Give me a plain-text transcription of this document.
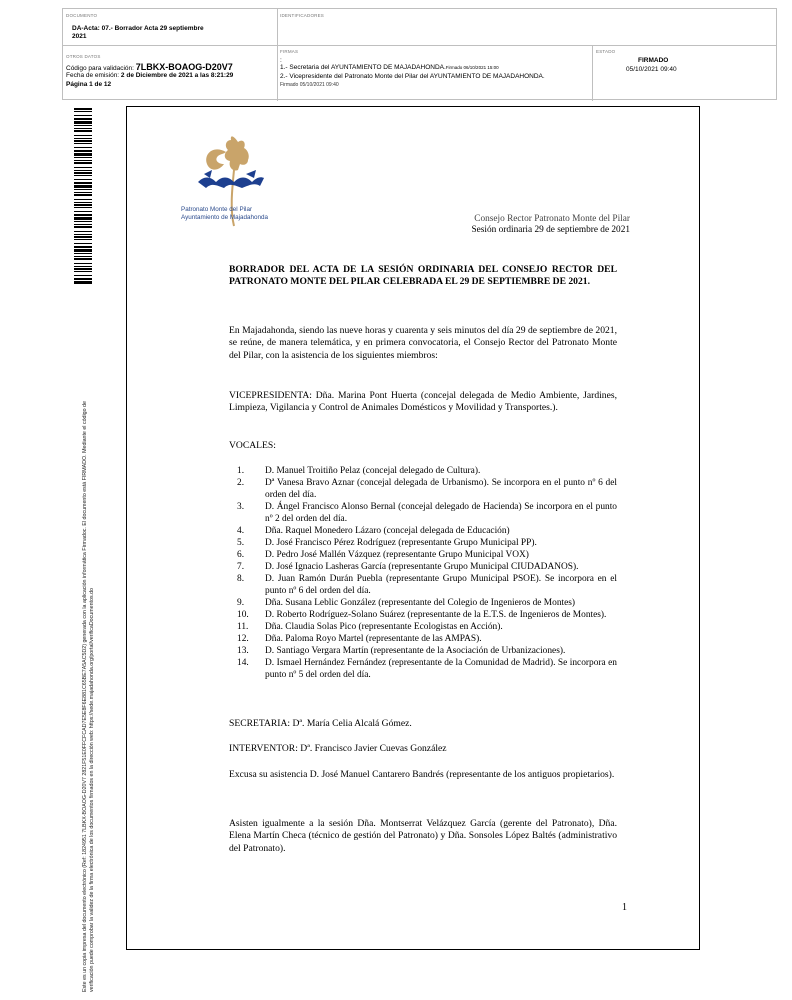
DOCUMENTO
DA-Acta: 07.- Borrador Acta 29 septiembre
2021
IDENTIFICADORES
OTROS DATOS
Código para validación: 7LBKX-BOAOG-D20V7
Fecha de emisión: 2 de Diciembre de 2021 a las 8:21:29
Página 1 de 12
FIRMAS
:
1.- Secretaria del AYUNTAMIENTO DE MAJADAHONDA.Firmado 06/10/2021 15:00
2.- Vicepresidente del Patronato Monte del Pilar del AYUNTAMIENTO DE MAJADAHONDA.
Firmado 05/10/2021 09:40
ESTADO
FIRMADO
05/10/2021 09:40
Este es un copia impresa del documento electrónico (Ref: 1824951 7LBKX-BOAOG-D20V7 2821F51E0FFCFCAD7E5E8F6E881C65BE7A5AC5D2) generada con la aplicación informática Firmadoc. El documento está FIRMADO. Mediante el código de verificación puede comprobar la validez de la firma electrónica de los documentos firmados en la dirección web: https://sede.majadahonda.org/portal/verificaDocumentos.do
Patronato Monte del Pilar
Ayuntamiento de Majadahonda	Consejo Rector Patronato Monte del Pilar
Sesión ordinaria 29 de septiembre de 2021
BORRADOR DEL ACTA DE LA SESIÓN ORDINARIA DEL CONSEJO RECTOR DEL PATRONATO MONTE DEL PILAR CELEBRADA EL 29 DE SEPTIEMBRE DE 2021.
En Majadahonda, siendo las nueve horas y cuarenta y seis minutos del día 29 de septiembre de 2021, se reúne, de manera telemática, y en primera convocatoria, el Consejo Rector del Patronato Monte del Pilar, con la asistencia de los siguientes miembros:
VICEPRESIDENTA: Dña. Marina Pont Huerta (concejal delegada de Medio Ambiente, Jardines, Limpieza, Vigilancia y Control de Animales Domésticos y Movilidad y Transportes.).
VOCALES:
1.	D. Manuel Troitiño Pelaz (concejal delegado de Cultura).
2.	Dª Vanesa Bravo Aznar (concejal delegada de Urbanismo). Se incorpora en el punto nº 6 del orden del día.
3.	D. Ángel Francisco Alonso Bernal (concejal delegado de Hacienda) Se incorpora en el punto nº 2 del orden del día.
4.	Dña. Raquel Monedero Lázaro (concejal delegada de Educación)
5.	D. José Francisco Pérez Rodríguez (representante Grupo Municipal PP).
6.	D. Pedro José Mallén Vázquez (representante Grupo Municipal VOX)
7.	D. José Ignacio Lasheras García (representante Grupo Municipal CIUDADANOS).
8.	D. Juan Ramón Durán Puebla (representante Grupo Municipal PSOE). Se incorpora en el punto nº 6 del orden del día.
9.	Dña. Susana Leblic González (representante del Colegio de Ingenieros de Montes)
10.	D. Roberto Rodríguez-Solano Suárez (representante de la E.T.S. de Ingenieros de Montes).
11.	Dña. Claudia Solas Pico (representante Ecologistas en Acción).
12.	Dña. Paloma Royo Martel (representante de las AMPAS).
13.	D. Santiago Vergara Martín (representante de la Asociación de Urbanizaciones).
14.	D. Ismael Hernández Fernández (representante de la Comunidad de Madrid). Se incorpora en punto nº 5 del orden del día.
SECRETARIA: Dª. María Celia Alcalá Gómez.
INTERVENTOR: Dª. Francisco Javier Cuevas González
Excusa su asistencia D. José Manuel Cantarero Bandrés (representante de los antiguos propietarios).
Asisten igualmente a la sesión Dña. Montserrat Velázquez García (gerente del Patronato), Dña. Elena Martín Checa (técnico de gestión del Patronato) y Dña. Sonsoles López Baltés (administrativo del Patronato).
1
